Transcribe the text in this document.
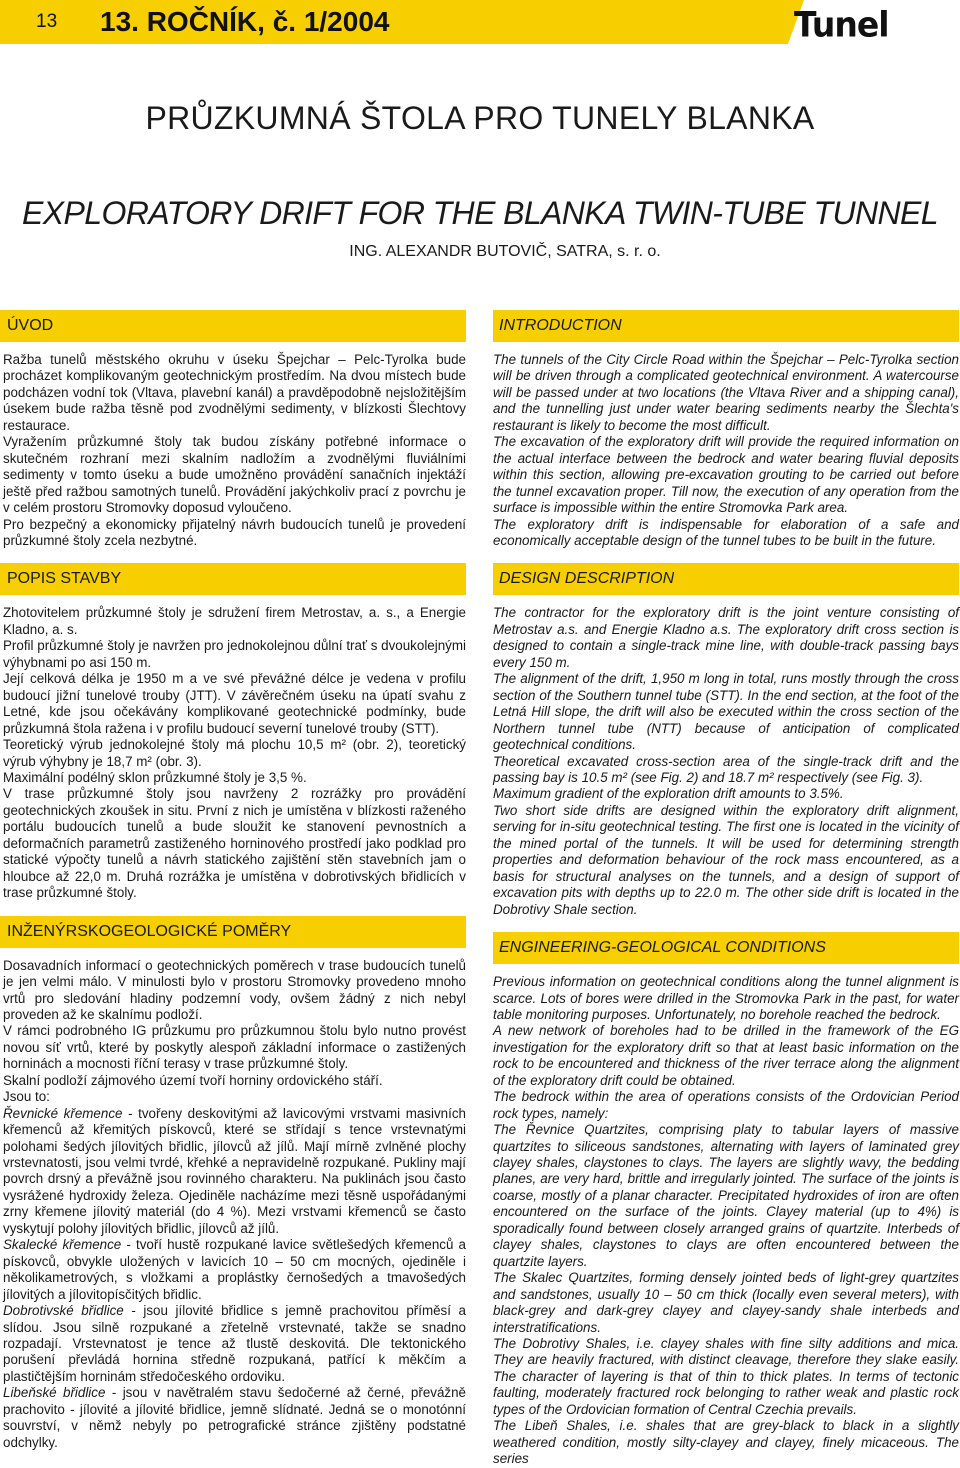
13	13. ROČNÍK, č. 1/2004	Tunel
PRŮZKUMNÁ ŠTOLA PRO TUNELY BLANKA
EXPLORATORY DRIFT FOR THE BLANKA TWIN-TUBE TUNNEL
ING. ALEXANDR BUTOVIČ, SATRA, s. r. o.
ÚVOD

Ražba tunelů městského okruhu v úseku Špejchar – Pelc-Tyrolka bude procházet komplikovaným geotechnickým prostředím. Na dvou místech bude podcházen vodní tok (Vltava, plavební kanál) a pravděpodobně nejsložitějším úsekem bude ražba těsně pod zvodnělými sedimenty, v blízkosti Šlechtovy restaurace.

Vyražením průzkumné štoly tak budou získány potřebné informace o skutečném rozhraní mezi skalním nadložím a zvodnělými fluviálními sedimenty v tomto úseku a bude umožněno provádění sanačních injektáží ještě před ražbou samotných tunelů. Provádění jakýchkoliv prací z povrchu je v celém prostoru Stromovky doposud vyloučeno.

Pro bezpečný a ekonomicky přijatelný návrh budoucích tunelů je provedení průzkumné štoly zcela nezbytné.

POPIS STAVBY

Zhotovitelem průzkumné štoly je sdružení firem Metrostav, a. s., a Energie Kladno, a. s.

Profil průzkumné štoly je navržen pro jednokolejnou důlní trať s dvoukolejnými výhybnami po asi 150 m.

Její celková délka je 1950 m a ve své převážné délce je vedena v profilu budoucí jižní tunelové trouby (JTT). V závěrečném úseku na úpatí svahu z Letné, kde jsou očekávány komplikované geotechnické podmínky, bude průzkumná štola ražena i v profilu budoucí severní tunelové trouby (STT).

Teoretický výrub jednokolejné štoly má plochu 10,5 m² (obr. 2), teoretický výrub výhybny je 18,7 m² (obr. 3).

Maximální podélný sklon průzkumné štoly je 3,5 %.

V trase průzkumné štoly jsou navrženy 2 rozrážky pro provádění geotechnických zkoušek in situ. První z nich je umístěna v blízkosti raženého portálu budoucích tunelů a bude sloužit ke stanovení pevnostních a deformačních parametrů zastiženého horninového prostředí jako podklad pro statické výpočty tunelů a návrh statického zajištění stěn stavebních jam o hloubce až 22,0 m. Druhá rozrážka je umístěna v dobrotivských břidlicích v trase průzkumné štoly.

INŽENÝRSKOGEOLOGICKÉ POMĚRY

Dosavadních informací o geotechnických poměrech v trase budoucích tunelů je jen velmi málo. V minulosti bylo v prostoru Stromovky provedeno mnoho vrtů pro sledování hladiny podzemní vody, ovšem žádný z nich nebyl proveden až ke skalnímu podloží.

V rámci podrobného IG průzkumu pro průzkumnou štolu bylo nutno provést novou síť vrtů, které by poskytly alespoň základní informace o zastižených horninách a mocnosti říční terasy v trase průzkumné štoly.

Skalní podloží zájmového území tvoří horniny ordovického stáří.

Jsou to:

Řevnické křemence - tvořeny deskovitými až lavicovými vrstvami masivních křemenců až křemitých pískovců, které se střídají s tence vrstevnatými polohami šedých jílovitých břidlic, jílovců až jílů. Mají mírně zvlněné plochy vrstevnatosti, jsou velmi tvrdé, křehké a nepravidelně rozpukané. Pukliny mají povrch drsný a převážně jsou rovinného charakteru. Na puklinách jsou často vysrážené hydroxidy železa. Ojediněle nacházíme mezi těsně uspořádanými zrny křemene jílovitý materiál (do 4 %). Mezi vrstvami křemenců se často vyskytují polohy jílovitých břidlic, jílovců až jílů.

Skalecké křemence - tvoří hustě rozpukané lavice světlešedých křemenců a pískovců, obvykle uložených v lavicích 10 – 50 cm mocných, ojediněle i několikametrových, s vložkami a proplástky černošedých a tmavošedých jílovitých a jílovitopísčitých břidlic.

Dobrotivské břidlice - jsou jílovité břidlice s jemně prachovitou příměsí a slídou. Jsou silně rozpukané a zřetelně vrstevnaté, takže se snadno rozpadají. Vrstevnatost je tence až tlustě deskovitá. Dle tektonického porušení převládá hornina středně rozpukaná, patřící k měkčím a plastičtějším horninám středočeského ordoviku.

Libeňské břidlice - jsou v navětralém stavu šedočerné až černé, převážně prachovito - jílovité a jílovité břidlice, jemně slídnaté. Jedná se o monotónní souvrství, v němž nebyly po petrografické stránce zjištěny podstatné odchylky.

INTRODUCTION

The tunnels of the City Circle Road within the Špejchar – Pelc-Tyrolka section will be driven through a complicated geotechnical environment. A watercourse will be passed under at two locations (the Vltava River and a shipping canal), and the tunnelling just under water bearing sediments nearby the Šlechta's restaurant is likely to become the most difficult.

The excavation of the exploratory drift will provide the required information on the actual interface between the bedrock and water bearing fluvial deposits within this section, allowing pre-excavation grouting to be carried out before the tunnel excavation proper. Till now, the execution of any operation from the surface is impossible within the entire Stromovka Park area.

The exploratory drift is indispensable for elaboration of a safe and economically acceptable design of the tunnel tubes to be built in the future.

DESIGN DESCRIPTION

The contractor for the exploratory drift is the joint venture consisting of Metrostav a.s. and Energie Kladno a.s. The exploratory drift cross section is designed to contain a single-track mine line, with double-track passing bays every 150 m.

The alignment of the drift, 1,950 m long in total, runs mostly through the cross section of the Southern tunnel tube (STT). In the end section, at the foot of the Letná Hill slope, the drift will also be executed within the cross section of the Northern tunnel tube (NTT) because of anticipation of complicated geotechnical conditions.

Theoretical excavated cross-section area of the single-track drift and the passing bay is 10.5 m² (see Fig. 2) and 18.7 m² respectively (see Fig. 3).

Maximum gradient of the exploration drift amounts to 3.5%.

Two short side drifts are designed within the exploratory drift alignment, serving for in-situ geotechnical testing. The first one is located in the vicinity of the mined portal of the tunnels. It will be used for determining strength properties and deformation behaviour of the rock mass encountered, as a basis for structural analyses on the tunnels, and a design of support of excavation pits with depths up to 22.0 m. The other side drift is located in the Dobrotivy Shale section.

ENGINEERING-GEOLOGICAL CONDITIONS

Previous information on geotechnical conditions along the tunnel alignment is scarce. Lots of bores were drilled in the Stromovka Park in the past, for water table monitoring purposes. Unfortunately, no borehole reached the bedrock.

A new network of boreholes had to be drilled in the framework of the EG investigation for the exploratory drift so that at least basic information on the rock to be encountered and thickness of the river terrace along the alignment of the exploratory drift could be obtained.

The bedrock within the area of operations consists of the Ordovician Period rock types, namely:

The Řevnice Quartzites, comprising platy to tabular layers of massive quartzites to siliceous sandstones, alternating with layers of laminated grey clayey shales, claystones to clays. The layers are slightly wavy, the bedding planes, are very hard, brittle and irregularly jointed. The surface of the joints is coarse, mostly of a planar character. Precipitated hydroxides of iron are often encountered on the surface of the joints. Clayey material (up to 4%) is sporadically found between closely arranged grains of quartzite. Interbeds of clayey shales, claystones to clays are often encountered between the quartzite layers.

The Skalec Quartzites, forming densely jointed beds of light-grey quartzites and sandstones, usually 10 – 50 cm thick (locally even several meters), with black-grey and dark-grey clayey and clayey-sandy shale interbeds and interstratifications.

The Dobrotivy Shales, i.e. clayey shales with fine silty additions and mica. They are heavily fractured, with distinct cleavage, therefore they slake easily. The character of layering is that of thin to thick plates. In terms of tectonic faulting, moderately fractured rock belonging to rather weak and plastic rock types of the Ordovician formation of Central Czechia prevails.

The Libeň Shales, i.e. shales that are grey-black to black in a slightly weathered condition, mostly silty-clayey and clayey, finely micaceous. The series
